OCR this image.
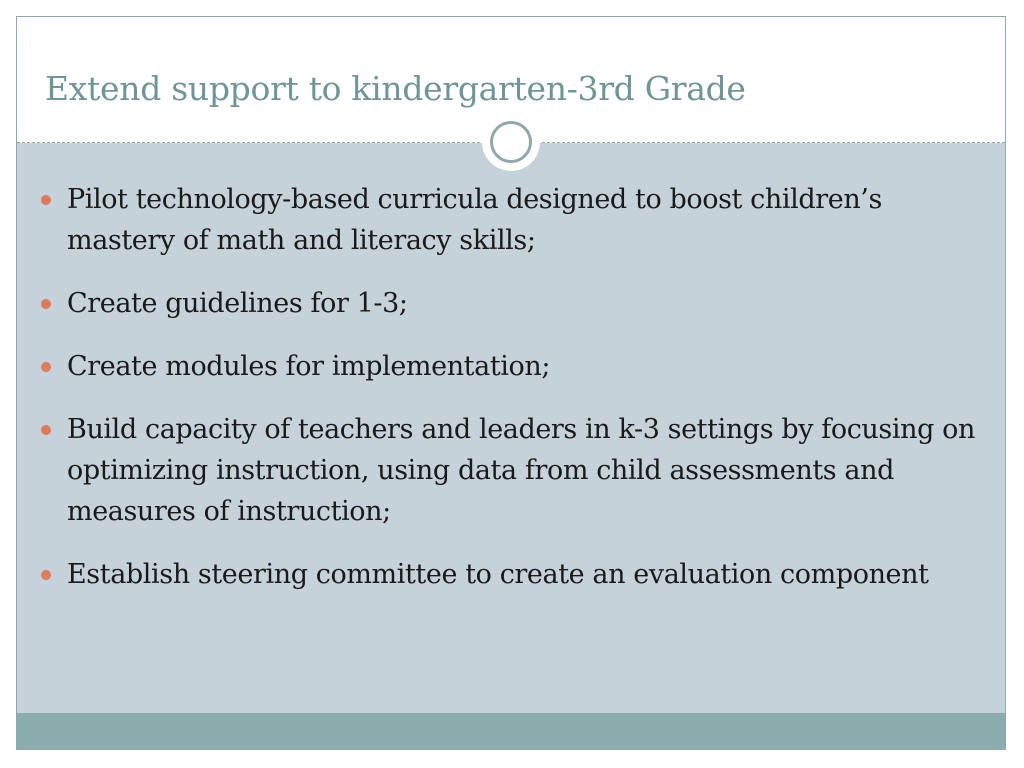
Extend support to kindergarten-3rd Grade
Pilot technology-based curricula designed to boost children’s mastery of math and literacy skills;
Create guidelines for 1-3;
Create modules for implementation;
Build capacity of teachers and leaders in k-3 settings by focusing on optimizing instruction, using data from child assessments and measures of instruction;
Establish steering committee to create an evaluation component
